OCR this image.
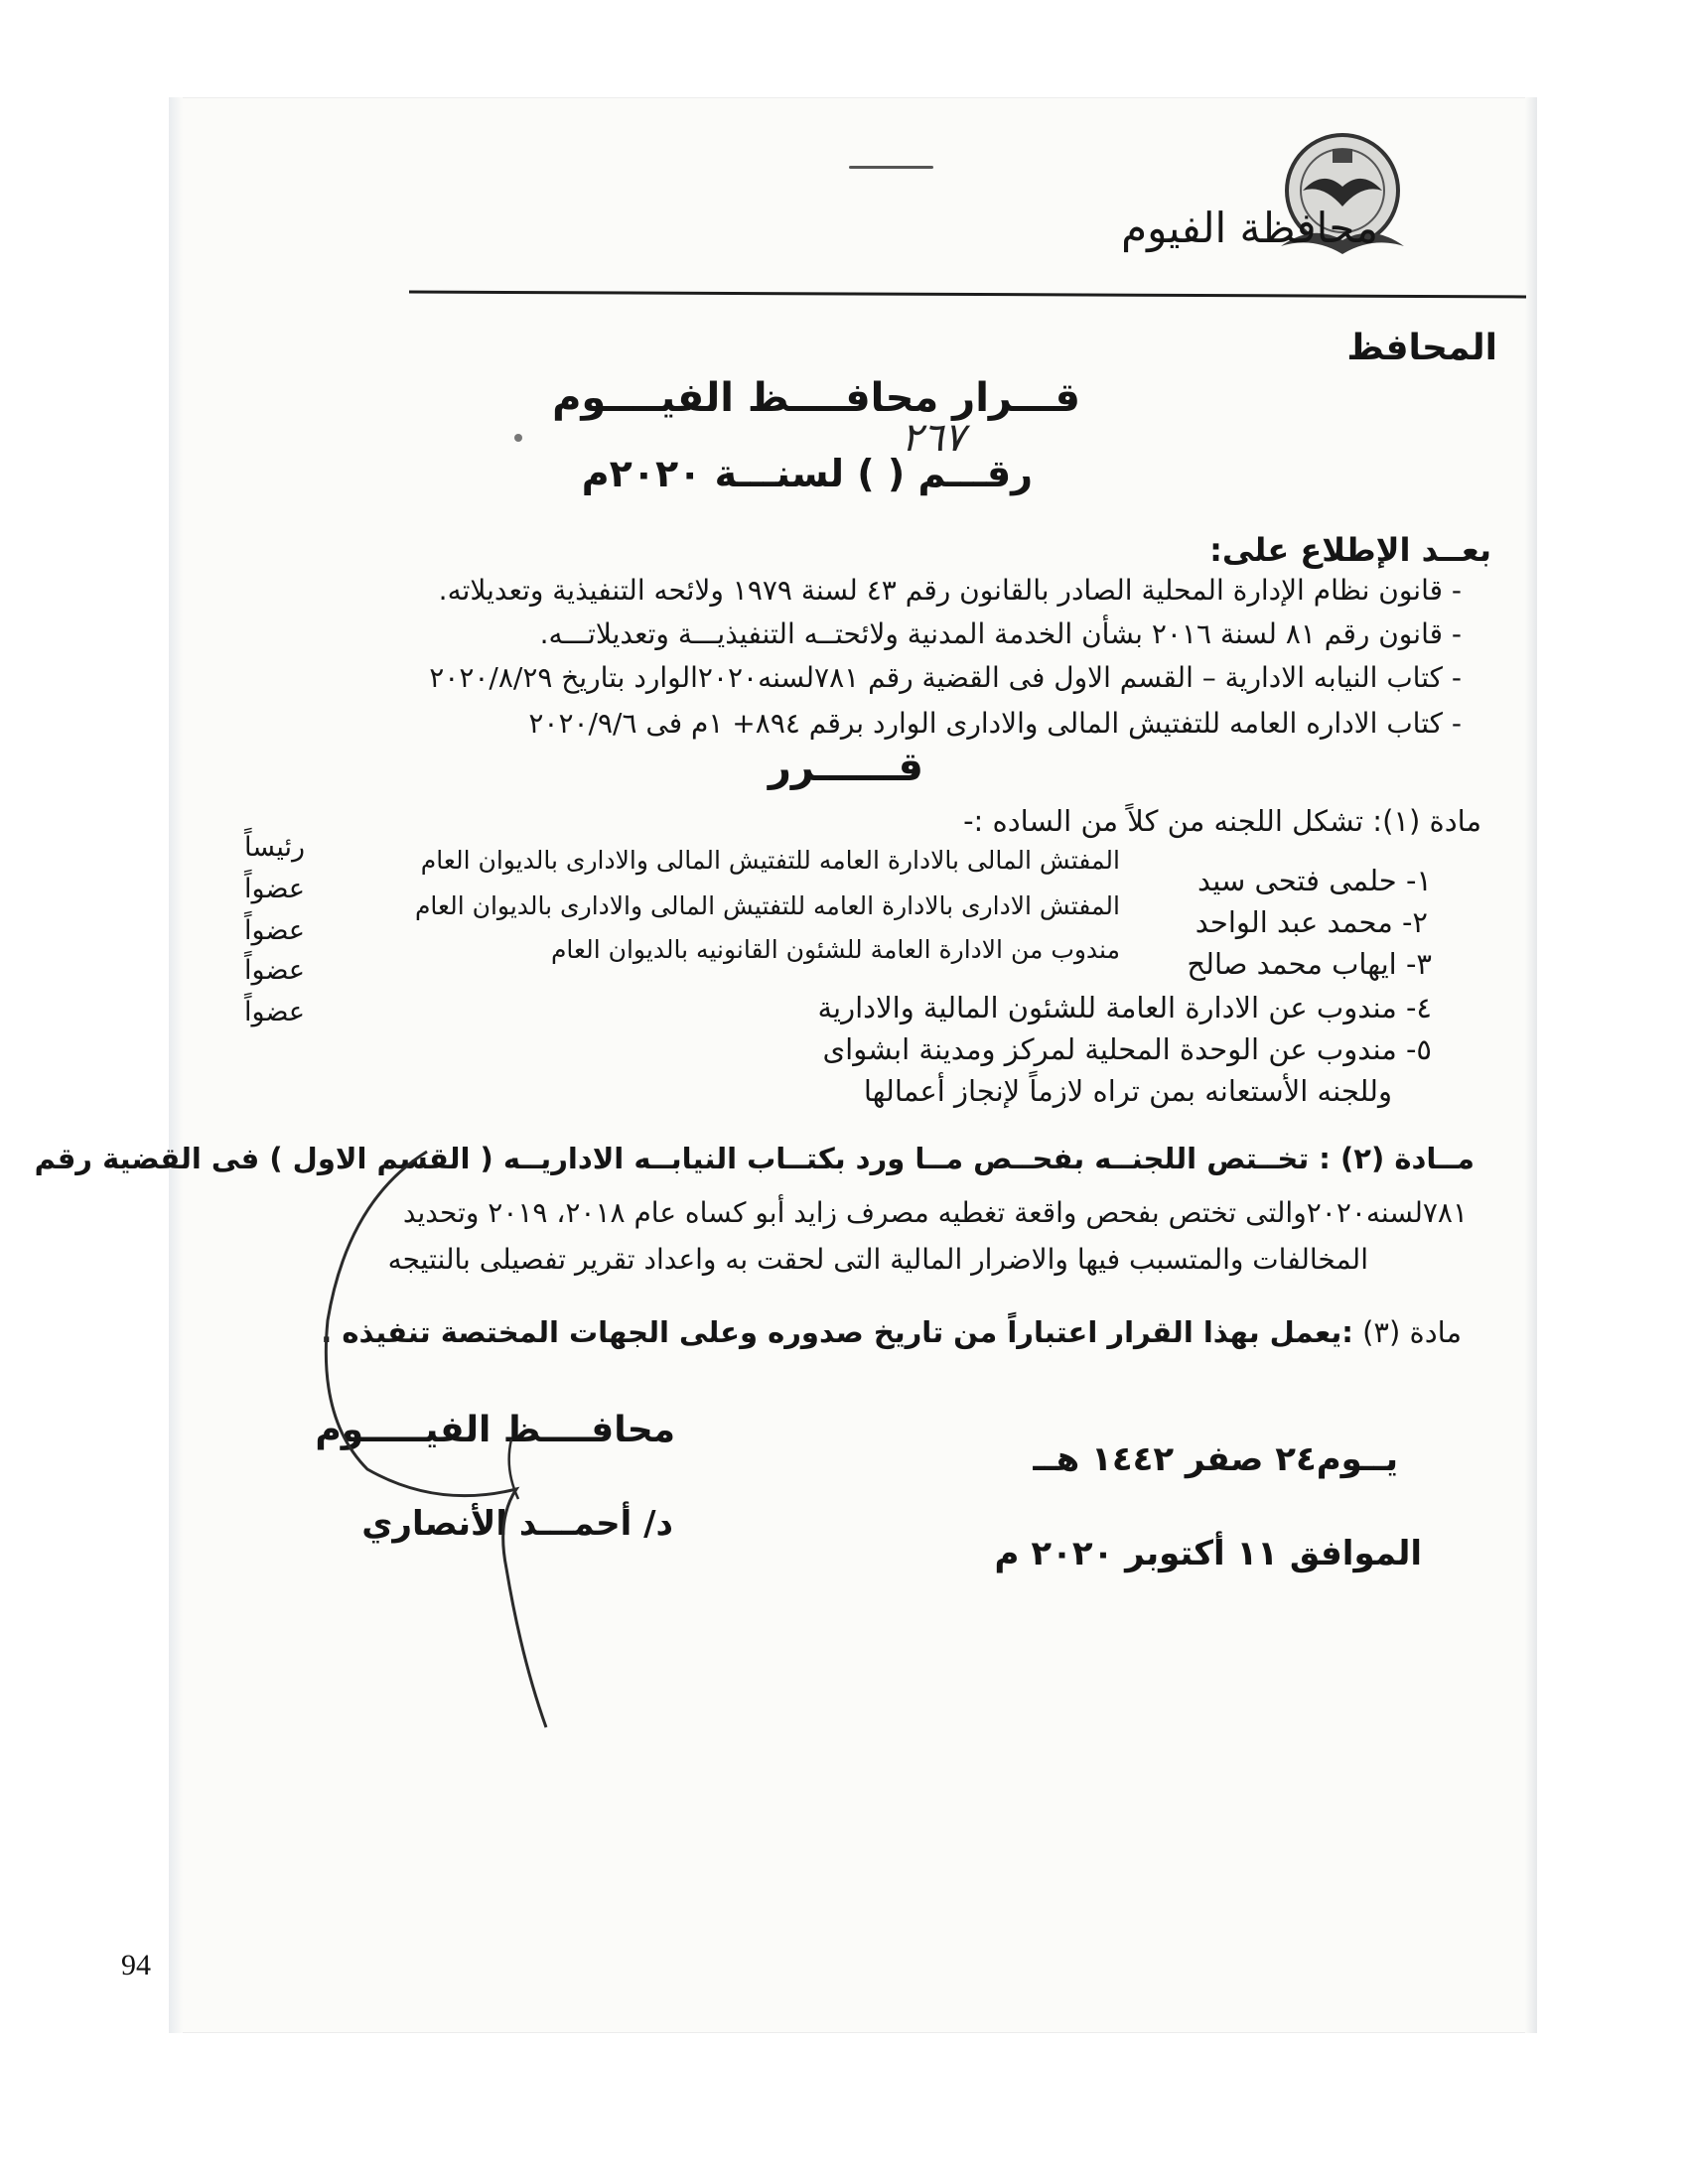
محافظة الفيوم
المحافظ
قـــرار محافــــظ الفيــــوم
٢٦٧
رقـــم ( ) لسنـــة ٢٠٢٠م
بعــد الإطلاع على:
- قانون نظام الإدارة المحلية الصادر بالقانون رقم ٤٣ لسنة ١٩٧٩ ولائحه التنفيذية وتعديلاته.
- قانون رقم ٨١ لسنة ٢٠١٦ بشأن الخدمة المدنية ولائحتــه التنفيذيـــة وتعديلاتـــه.
- كتاب النيابه الادارية – القسم الاول فى القضية رقم ٧٨١لسنه٢٠٢٠الوارد بتاريخ ٢٠٢٠/٨/٢٩
- كتاب الاداره العامه للتفتيش المالى والادارى الوارد برقم ٨٩٤+ ١م فى ٢٠٢٠/٩/٦
قــــــرر
مادة (١): تشكل اللجنه من كلاً من الساده :-
١- حلمى فتحى سيد
المفتش المالى بالادارة العامه للتفتيش المالى والادارى بالديوان العام
رئيساً
٢- محمد عبد الواحد
المفتش الادارى بالادارة العامه للتفتيش المالى والادارى بالديوان العام
عضواً
٣- ايهاب محمد صالح
مندوب من الادارة العامة للشئون القانونيه بالديوان العام
عضواً
٤- مندوب عن الادارة العامة للشئون المالية والادارية
عضواً
٥- مندوب عن الوحدة المحلية لمركز ومدينة ابشواى
عضواً
وللجنه الأستعانه بمن تراه لازماً لإنجاز أعمالها
مــادة (٢) : تخــتص اللجنــه بفحــص مــا ورد بكتــاب النيابــه الاداريــه ( القسم الاول ) فى القضية رقم
٧٨١لسنه٢٠٢٠والتى تختص بفحص واقعة تغطيه مصرف زايد أبو كساه عام ٢٠١٨، ٢٠١٩ وتحديد
المخالفات والمتسبب فيها والاضرار المالية التى لحقت به واعداد تقرير تفصيلى بالنتيجه
مادة (٣) :يعمل بهذا القرار اعتباراً من تاريخ صدوره وعلى الجهات المختصة تنفيذه .
محافــــظ الفيـــــوم
د/ أحمـــد الأنصاري
يــوم٢٤ صفر ١٤٤٢ هــ
الموافق ١١ أكتوبر ٢٠٢٠ م
94
